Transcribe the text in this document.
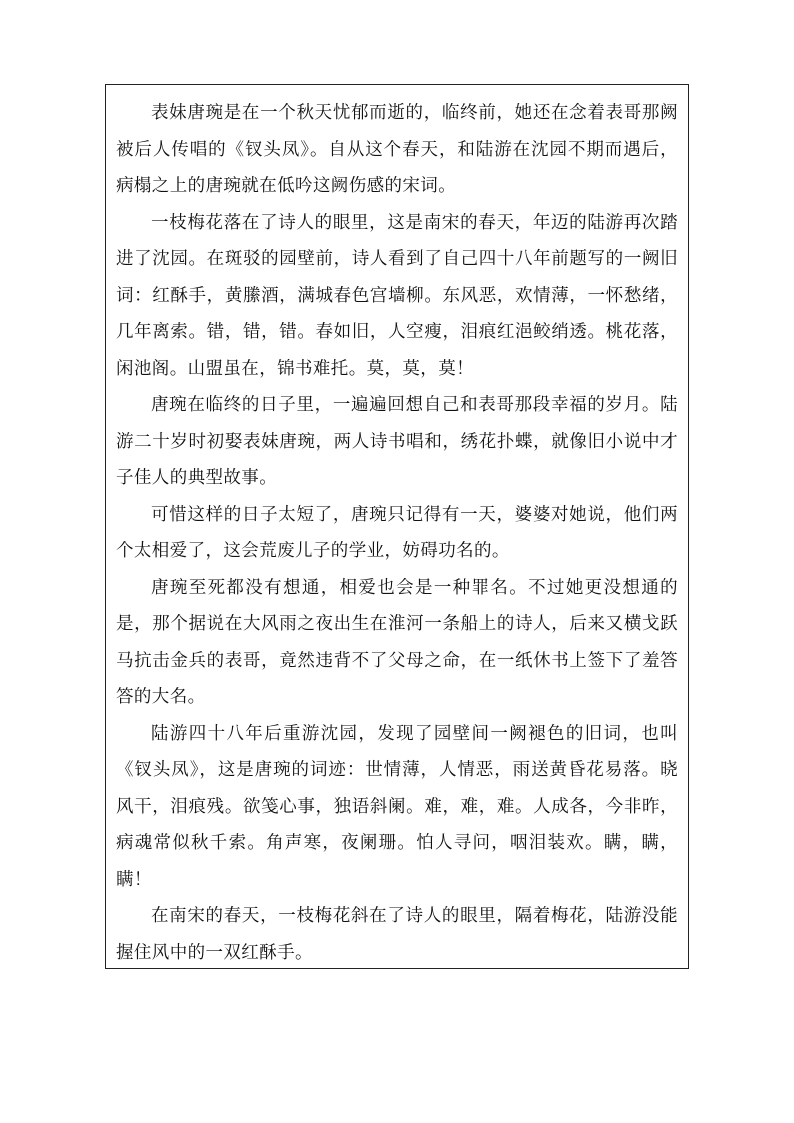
表妹唐琬是在一个秋天忧郁而逝的，临终前，她还在念着表哥那阙被后人传唱的《钗头凤》。自从这个春天，和陆游在沈园不期而遇后，病榻之上的唐琬就在低吟这阙伤感的宋词。

一枝梅花落在了诗人的眼里，这是南宋的春天，年迈的陆游再次踏进了沈园。在斑驳的园壁前，诗人看到了自己四十八年前题写的一阙旧词：红酥手，黄縢酒，满城春色宫墙柳。东风恶，欢情薄，一怀愁绪，几年离索。错，错，错。春如旧，人空瘦，泪痕红浥鲛绡透。桃花落，闲池阁。山盟虽在，锦书难托。莫，莫，莫！

唐琬在临终的日子里，一遍遍回想自己和表哥那段幸福的岁月。陆游二十岁时初娶表妹唐琬，两人诗书唱和，绣花扑蝶，就像旧小说中才子佳人的典型故事。

可惜这样的日子太短了，唐琬只记得有一天，婆婆对她说，他们两个太相爱了，这会荒废儿子的学业，妨碍功名的。

唐琬至死都没有想通，相爱也会是一种罪名。不过她更没想通的是，那个据说在大风雨之夜出生在淮河一条船上的诗人，后来又横戈跃马抗击金兵的表哥，竟然违背不了父母之命，在一纸休书上签下了羞答答的大名。

陆游四十八年后重游沈园，发现了园壁间一阙褪色的旧词，也叫《钗头凤》，这是唐琬的词迹：世情薄，人情恶，雨送黄昏花易落。晓风干，泪痕残。欲笺心事，独语斜阑。难，难，难。人成各，今非昨，病魂常似秋千索。角声寒，夜阑珊。怕人寻问，咽泪装欢。瞒，瞒，瞒！

在南宋的春天，一枝梅花斜在了诗人的眼里，隔着梅花，陆游没能握住风中的一双红酥手。
